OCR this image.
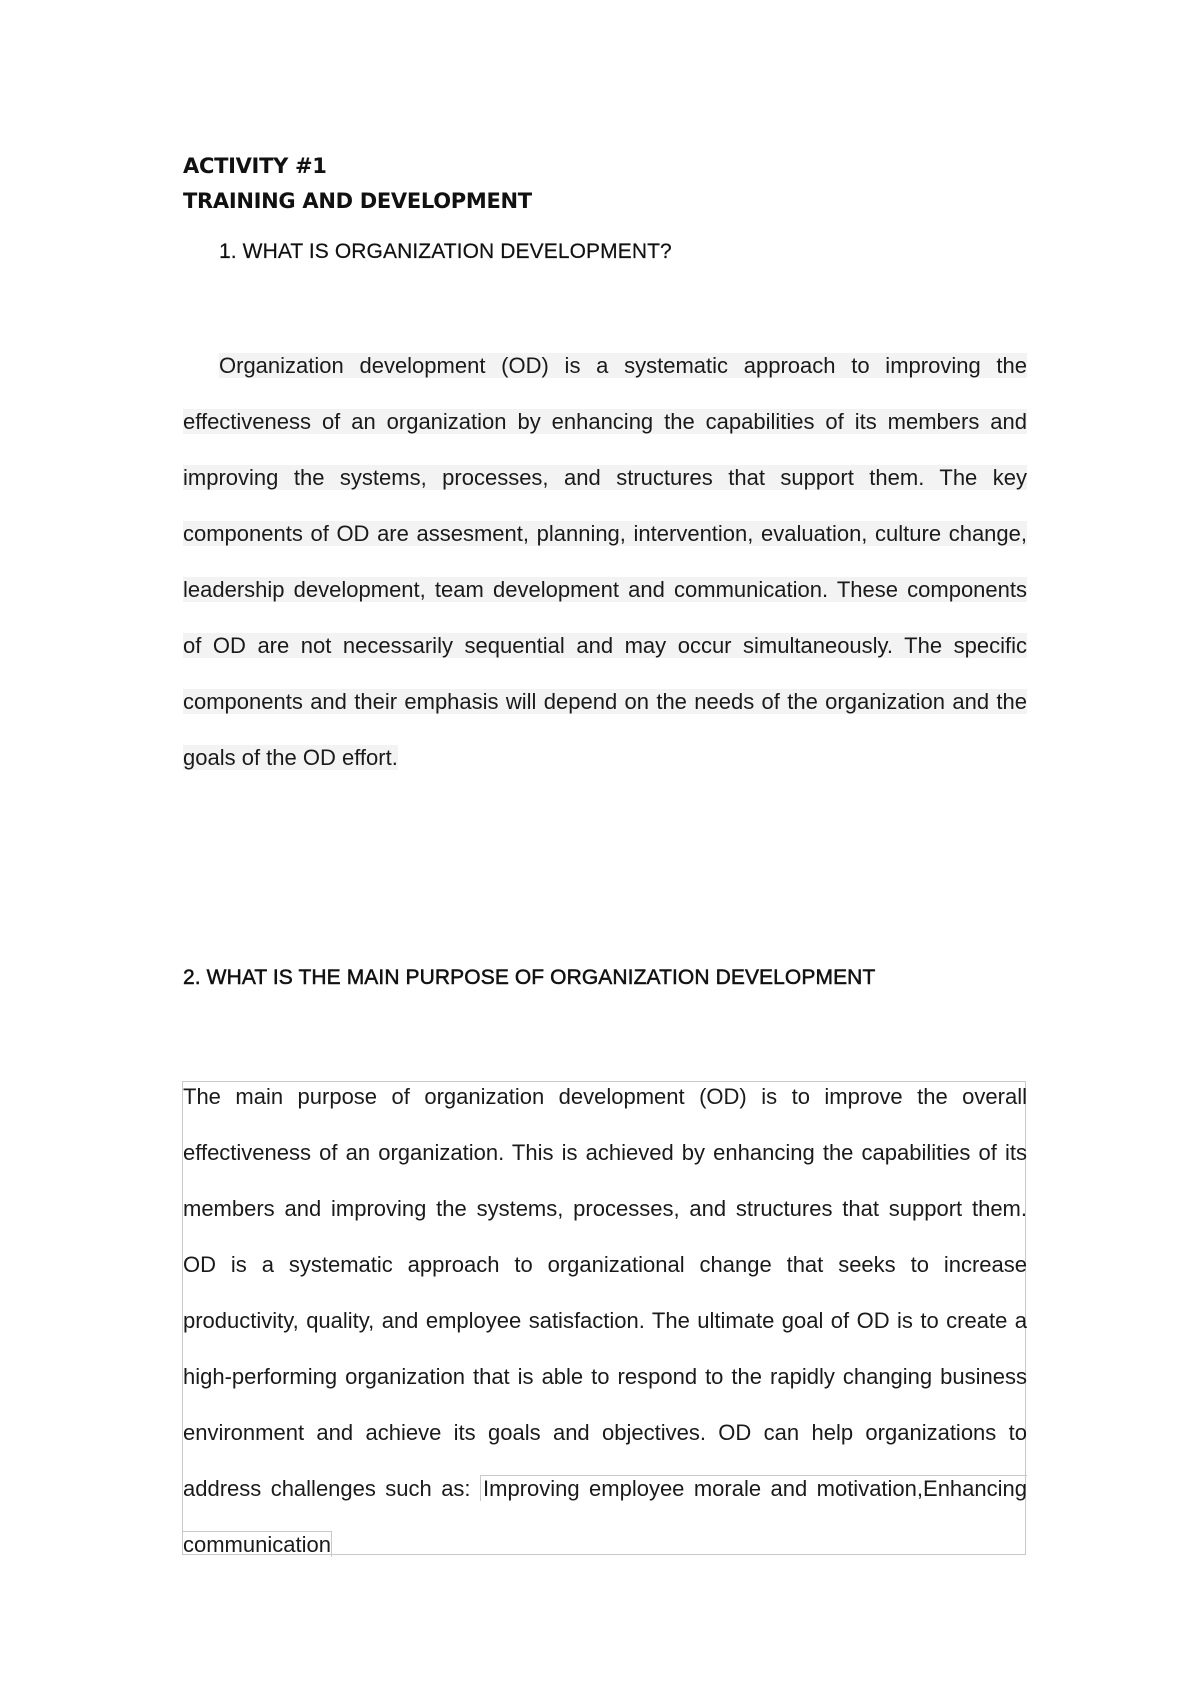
ACTIVITY #1
TRAINING AND DEVELOPMENT
1. WHAT IS ORGANIZATION DEVELOPMENT?

Organization development (OD) is a systematic approach to improving the effectiveness of an organization by enhancing the capabilities of its members and improving the systems, processes, and structures that support them. The key components of OD are assesment, planning, intervention, evaluation, culture change, leadership development, team development and communication. These components of OD are not necessarily sequential and may occur simultaneously. The specific components and their emphasis will depend on the needs of the organization and the goals of the OD effort.

2. WHAT IS THE MAIN PURPOSE OF ORGANIZATION DEVELOPMENT

The main purpose of organization development (OD) is to improve the overall effectiveness of an organization. This is achieved by enhancing the capabilities of its members and improving the systems, processes, and structures that support them. OD is a systematic approach to organizational change that seeks to increase productivity, quality, and employee satisfaction. The ultimate goal of OD is to create a high-performing organization that is able to respond to the rapidly changing business environment and achieve its goals and objectives. OD can help organizations to address challenges such as: Improving employee morale and motivation,Enhancing communication
